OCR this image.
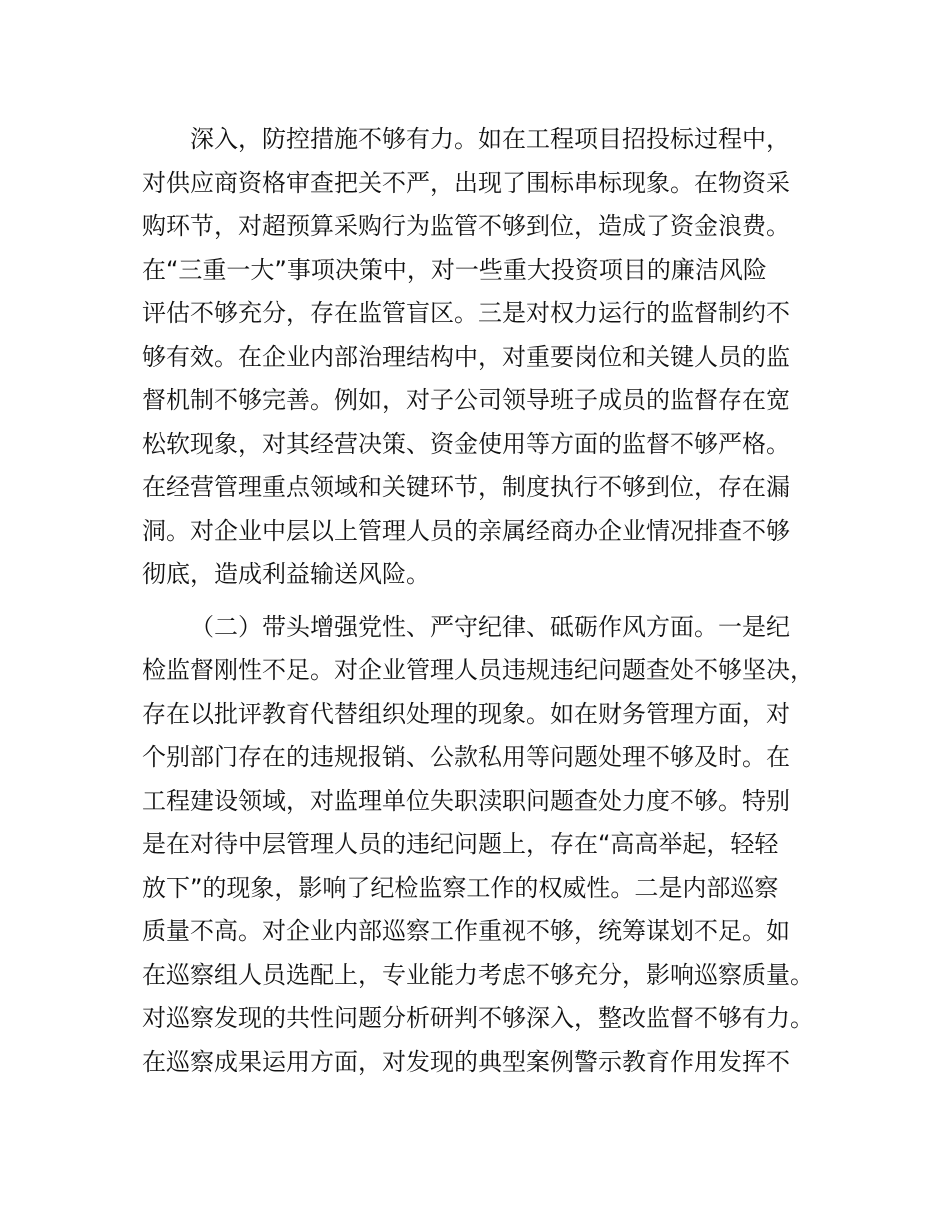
深入，防控措施不够有力。如在工程项目招投标过程中，
对供应商资格审查把关不严，出现了围标串标现象。在物资采
购环节，对超预算采购行为监管不够到位，造成了资金浪费。
在“三重一大”事项决策中，对一些重大投资项目的廉洁风险
评估不够充分，存在监管盲区。三是对权力运行的监督制约不
够有效。在企业内部治理结构中，对重要岗位和关键人员的监
督机制不够完善。例如，对子公司领导班子成员的监督存在宽
松软现象，对其经营决策、资金使用等方面的监督不够严格。
在经营管理重点领域和关键环节，制度执行不够到位，存在漏
洞。对企业中层以上管理人员的亲属经商办企业情况排查不够
彻底，造成利益输送风险。
（二）带头增强党性、严守纪律、砥砺作风方面。一是纪
检监督刚性不足。对企业管理人员违规违纪问题查处不够坚决，
存在以批评教育代替组织处理的现象。如在财务管理方面，对
个别部门存在的违规报销、公款私用等问题处理不够及时。在
工程建设领域，对监理单位失职渎职问题查处力度不够。特别
是在对待中层管理人员的违纪问题上，存在“高高举起，轻轻
放下”的现象，影响了纪检监察工作的权威性。二是内部巡察
质量不高。对企业内部巡察工作重视不够，统筹谋划不足。如
在巡察组人员选配上，专业能力考虑不够充分，影响巡察质量。
对巡察发现的共性问题分析研判不够深入，整改监督不够有力。
在巡察成果运用方面，对发现的典型案例警示教育作用发挥不
